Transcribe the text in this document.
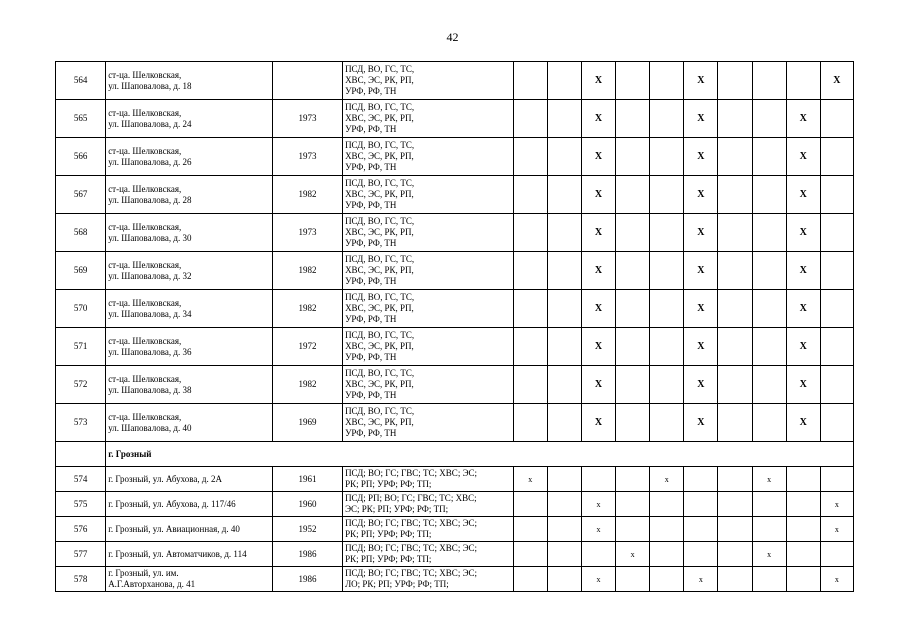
42
564	ст-ца. Шелковская,
ул. Шаповалова, д. 18		ПСД, ВО, ГС, ТС,
ХВС, ЭС, РК, РП,
УРФ, РФ, ТН			X			X				X
565	ст-ца. Шелковская,
ул. Шаповалова, д. 24	1973	ПСД, ВО, ГС, ТС,
ХВС, ЭС, РК, РП,
УРФ, РФ, ТН			X			X			X	
566	ст-ца. Шелковская,
ул. Шаповалова, д. 26	1973	ПСД, ВО, ГС, ТС,
ХВС, ЭС, РК, РП,
УРФ, РФ, ТН			X			X			X	
567	ст-ца. Шелковская,
ул. Шаповалова, д. 28	1982	ПСД, ВО, ГС, ТС,
ХВС, ЭС, РК, РП,
УРФ, РФ, ТН			X			X			X	
568	ст-ца. Шелковская,
ул. Шаповалова, д. 30	1973	ПСД, ВО, ГС, ТС,
ХВС, ЭС, РК, РП,
УРФ, РФ, ТН			X			X			X	
569	ст-ца. Шелковская,
ул. Шаповалова, д. 32	1982	ПСД, ВО, ГС, ТС,
ХВС, ЭС, РК, РП,
УРФ, РФ, ТН			X			X			X	
570	ст-ца. Шелковская,
ул. Шаповалова, д. 34	1982	ПСД, ВО, ГС, ТС,
ХВС, ЭС, РК, РП,
УРФ, РФ, ТН			X			X			X	
571	ст-ца. Шелковская,
ул. Шаповалова, д. 36	1972	ПСД, ВО, ГС, ТС,
ХВС, ЭС, РК, РП,
УРФ, РФ, ТН			X			X			X	
572	ст-ца. Шелковская,
ул. Шаповалова, д. 38	1982	ПСД, ВО, ГС, ТС,
ХВС, ЭС, РК, РП,
УРФ, РФ, ТН			X			X			X	
573	ст-ца. Шелковская,
ул. Шаповалова, д. 40	1969	ПСД, ВО, ГС, ТС,
ХВС, ЭС, РК, РП,
УРФ, РФ, ТН			X			X			X	
	г. Грозный												
574	г. Грозный, ул. Абухова, д. 2А	1961	ПСД; ВО; ГС; ГВС; ТС; ХВС; ЭС;
РК; РП; УРФ; РФ; ТП;	x				x			x		
575	г. Грозный, ул. Абухова, д. 117/46	1960	ПСД; РП; ВО; ГС; ГВС; ТС; ХВС;
ЭС; РК; РП; УРФ; РФ; ТП;			x							x
576	г. Грозный, ул. Авиационная, д. 40	1952	ПСД; ВО; ГС; ГВС; ТС; ХВС; ЭС;
РК; РП; УРФ; РФ; ТП;			x							x
577	г. Грозный, ул. Автоматчиков, д. 114	1986	ПСД; ВО; ГС; ГВС; ТС; ХВС; ЭС;
РК; РП; УРФ; РФ; ТП;				x				x		
578	г. Грозный, ул. им.
А.Г.Авторханова, д. 41	1986	ПСД; ВО; ГС; ГВС; ТС; ХВС; ЭС;
ЛО; РК; РП; УРФ; РФ; ТП;			x			x				x
